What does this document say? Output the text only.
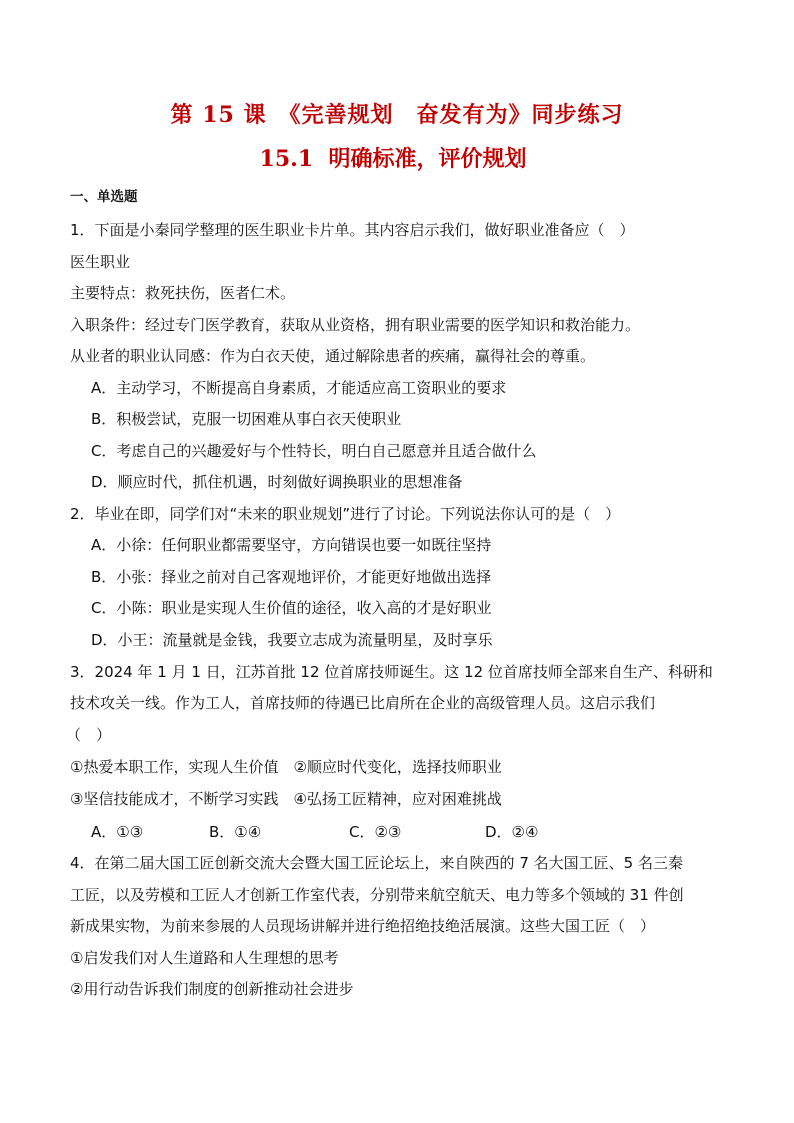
第 15 课　《完善规划　奋发有为》同步练习
15.1  明确标准，评价规划
一、单选题
1．下面是小秦同学整理的医生职业卡片单。其内容启示我们，做好职业准备应（　）
医生职业
主要特点：救死扶伤，医者仁术。
入职条件：经过专门医学教育，获取从业资格，拥有职业需要的医学知识和救治能力。
从业者的职业认同感：作为白衣天使，通过解除患者的疾痛，赢得社会的尊重。
A．主动学习，不断提高自身素质，才能适应高工资职业的要求
B．积极尝试，克服一切困难从事白衣天使职业
C．考虑自己的兴趣爱好与个性特长，明白自己愿意并且适合做什么
D．顺应时代，抓住机遇，时刻做好调换职业的思想准备
2．毕业在即，同学们对“未来的职业规划”进行了讨论。下列说法你认可的是（　）
A．小徐：任何职业都需要坚守，方向错误也要一如既往坚持
B．小张：择业之前对自己客观地评价，才能更好地做出选择
C．小陈：职业是实现人生价值的途径，收入高的才是好职业
D．小王：流量就是金钱，我要立志成为流量明星，及时享乐
3．2024 年 1 月 1 日，江苏首批 12 位首席技师诞生。这 12 位首席技师全部来自生产、科研和
技术攻关一线。作为工人，首席技师的待遇已比肩所在企业的高级管理人员。这启示我们
（　）
①热爱本职工作，实现人生价值　②顺应时代变化，选择技师职业
③坚信技能成才，不断学习实践　④弘扬工匠精神，应对困难挑战
A．①③	B．①④	C．②③	D．②④
4．在第二届大国工匠创新交流大会暨大国工匠论坛上，来自陕西的 7 名大国工匠、5 名三秦
工匠，以及劳模和工匠人才创新工作室代表，分别带来航空航天、电力等多个领域的 31 件创
新成果实物，为前来参展的人员现场讲解并进行绝招绝技绝活展演。这些大国工匠（　）
①启发我们对人生道路和人生理想的思考
②用行动告诉我们制度的创新推动社会进步
